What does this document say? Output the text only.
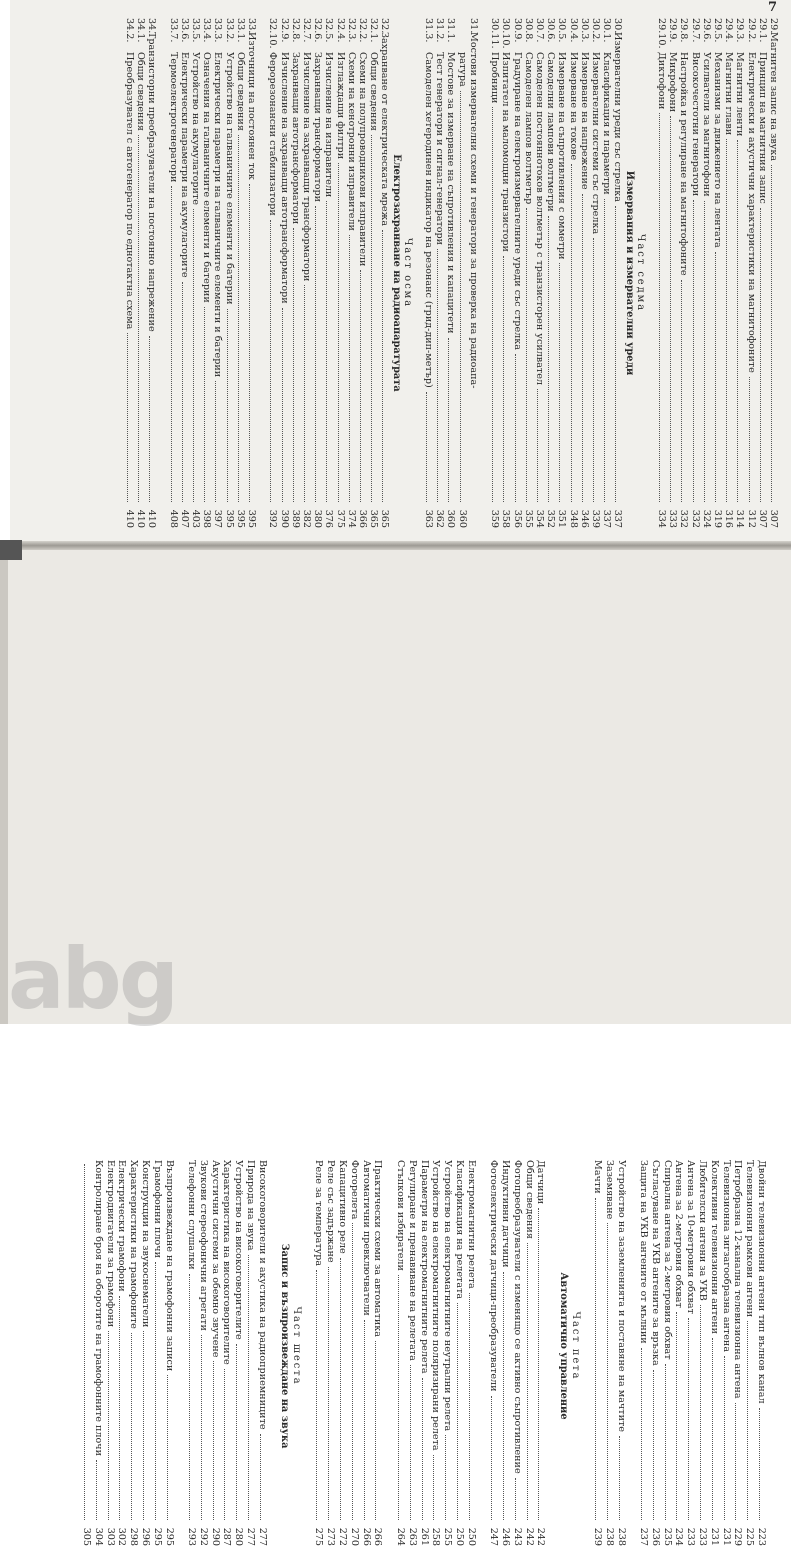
29.
Магнитен запис на звука
307
29.1.
Принцип на магнитния запис
307
29.2.
Електрически и акустични характеристики на магнитофоните
312
29.3.
Магнитни ленти
314
29.4.
Магнитни глави
316
29.5.
Механизми за движението на лентата
319
29.6.
Усилватели за магнитофони
324
29.7.
Високочестотни генератори
332
29.8.
Настройка и регулиране на магнитофоните
332
29.9.
Микрофони
333
29.10.
Диктофони
334
Част седма
Измервания и измервателни уреди
30.
Измервателни уреди със стрелка
337
30.1.
Класификация и параметри
337
30.2.
Измервателни системи със стрелка
339
30.3.
Измерване на напрежение
346
30.4.
Измерване на токове
348
30.5.
Измерване на съпротивления с омметри
351
30.6.
Самоделни лампови волтметри
352
30.7.
Самоделен постояннотоков волтметър с транзисторен усилвател
354
30.8.
Самоделен лампов волтметър
355
30.9.
Градуиране на електроизмервателните уреди със стрелка
356
30.10.
Изпитател на маломощни транзистори
358
30.11.
Пробници
359
31.
Мостови измервателни схеми и генератори за проверка на радиоапа-
ратура
360
31.1.
Мостове за измерване на съпротивления и капацитети
360
31.2.
Тест генератори и сигнал-генератори
362
31.3.
Самоделен хетеродинен индикатор на резонанс (грид-дип-метър)
363
Част осма
Електрозахранване на радиоапаратурата
32.
Захранване от електрическата мрежа
365
32.1.
Общи сведения
365
32.2.
Схеми на полупроводникови изправители
366
32.3.
Схеми на кенотронни изправители
374
32.4.
Изглаждащи филтри
375
32.5.
Изчисление на изправители
376
32.6.
Захранващи трансформатори
380
32.7.
Изчисление на захранващи трансформатори
382
32.8.
Захранващи автотрансформатори
389
32.9.
Изчисление на захранващи автотрансформатори
390
32.10.
Ферорезонансни стабилизатори
392
33.
Източници на постоянен ток
395
33.1.
Общи сведения
395
33.2.
Устройство на галваничните елементи и батерии
395
33.3.
Електрически параметри на галваничните елементи и батерии
397
33.4.
Означения на галваничните елементи и батерии
398
33.5.
Устройство на акумулаторите
403
33.6.
Електрически параметри на акумулаторите
407
33.7.
Термоелектрогенератори
408
34.
Транзисторни преобразуватели на постоянно напрежение
410
34.1.
Общи сведения
410
34.2.
Преобразувател с автогенератор по еднотактна схема
410
7
Двойни телевизионни антени тип вълнов канал
223
Телевизионни рамкови антени
225
Петробразна 12-канална телевизионна антена
229
Телевизионна зигзагообразна антена
231
Колективни телевизионни антени
231
Любителски антени за УКВ
233
Антена за 10-метровия обхват
233
Антена за 2-метровия обхват
234
Спирална антена за 2-метровия обхват
235
Съгласуване на УКВ антените за връзка
236
Защита на УКВ антените от мълнии
237
Устройство на заземленията и поставяне на мачтите
238
Заземяване
238
Мачти
239
Част пета
Автоматично управление
Датчици
242
Общи сведения
242
Фотопреобразуватели с изменящо се активно съпротивление
243
Индуктивни датчици
246
Фотоелектрически датчици-преобразуватели
247
Електромагнитни релета
250
Класификация на релетата
250
Устройство на електромагнитните неутрални релета
255
Устройство на електромагнитните поляризирани релета
258
Параметри на електромагнитните релета
261
Регулиране и пренавиване на релетата
263
Стъпкови избиратели
264
Практически схеми за автоматика
266
Автоматични превключватели
266
Фоторелета
270
Капацитивно реле
272
Реле със задържане
273
Реле за температура
275
Част шеста
Запис и възпроизвеждане на звука
Високоговорители и акустика на радиоприемниците
277
Природа на звука
277
Устройство на високоговорителите
280
Характеристика на високоговорителите
287
Акустични системи за обемно звучене
290
Звукови стереофонични агрегати
292
Телефонни слушалки
293
Възпроизвеждане на грамофонни записи
295
Грамофонни плочи
295
Конструкции на звукоснематели
296
Характеристики на грамофоните
298
Електрически грамофони
302
Електродвигатели за грамофони
303
Контролиране броя на оборотите на грамофонните плочи
304
305
abg
